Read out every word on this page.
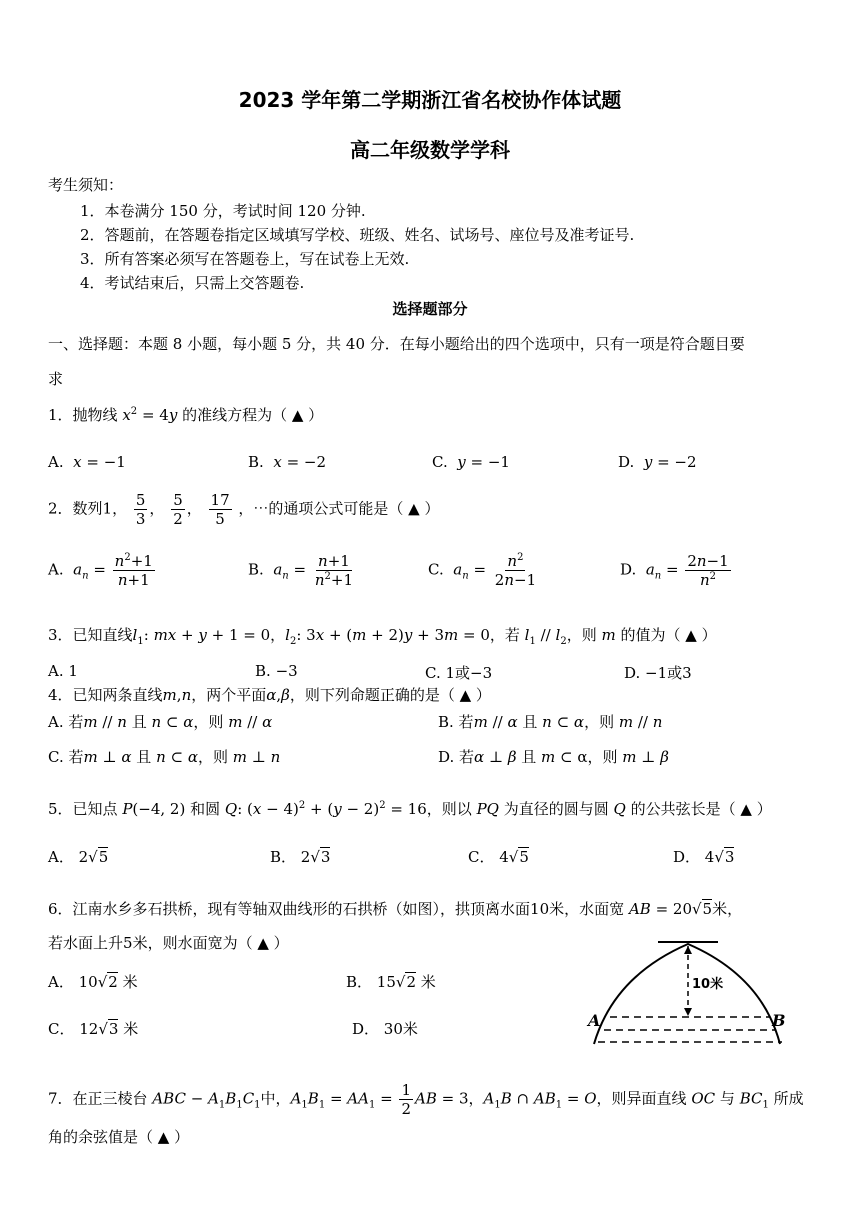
2023 学年第二学期浙江省名校协作体试题
高二年级数学学科
考生须知：
1．本卷满分 150 分，考试时间 120 分钟.
2．答题前，在答题卷指定区域填写学校、班级、姓名、试场号、座位号及准考证号.
3．所有答案必须写在答题卷上，写在试卷上无效.
4．考试结束后，只需上交答题卷.
选择题部分
一、选择题：本题 8 小题，每小题 5 分，共 40 分．在每小题给出的四个选项中，只有一项是符合题目要
求
1．抛物线 $x^2 = 4y$ 的准线方程为（ ▲ ）
A. x = −1	B. x = −2	C. y = −1	D. y = −2
2．数列1， $\frac{5}{3}$ ， $\frac{5}{2}$ ， $\frac{17}{5}$ ，⋯的通项公式可能是（ ▲ ）
A. $a_n = \frac{n^2+1}{n+1}$	B. $a_n = \frac{n+1}{n^2+1}$	C. $a_n = \frac{n^2}{2n-1}$	D. $a_n = \frac{2n-1}{n^2}$
3．已知直线$l_1$: mx + y + 1 = 0，$l_2$: 3x + (m + 2)y + 3m = 0，若 $l_1 // l_2$，则 m 的值为（ ▲ ）
A. 1	B. −3	C. 1或−3	D. −1或3
4．已知两条直线m,n，两个平面α,β，则下列命题正确的是（ ▲ ）
A. 若m // n 且 n ⊂ α，则 m // α	B. 若m // α 且 n ⊂ α，则 m // n
C. 若m ⊥ α 且 n ⊂ α，则 m ⊥ n	D. 若α ⊥ β 且 m ⊂ α，则 m ⊥ β
5．已知点 P(−4, 2) 和圆 Q: $(x - 4)^2 + (y - 2)^2 = 16$，则以 PQ 为直径的圆与圆 Q 的公共弦长是（ ▲ ）
A． 2√5	B． 2√3	C． 4√5	D． 4√3
6．江南水乡多石拱桥，现有等轴双曲线形的石拱桥（如图），拱顶离水面10米，水面宽 AB = 20√5米，
若水面上升5米，则水面宽为（ ▲ ）
A． 10√2 米	B． 15√2 米
C． 12√3 米	D． 30米
10米
A	B
7．在正三棱台 ABC − $A_1B_1C_1$中，$A_1B_1 = AA_1 = \frac{1}{2}$ AB = 3，$A_1B$ ∩ $AB_1 = O$，则异面直线 OC 与 $BC_1$ 所成
角的余弦值是（ ▲ ）
